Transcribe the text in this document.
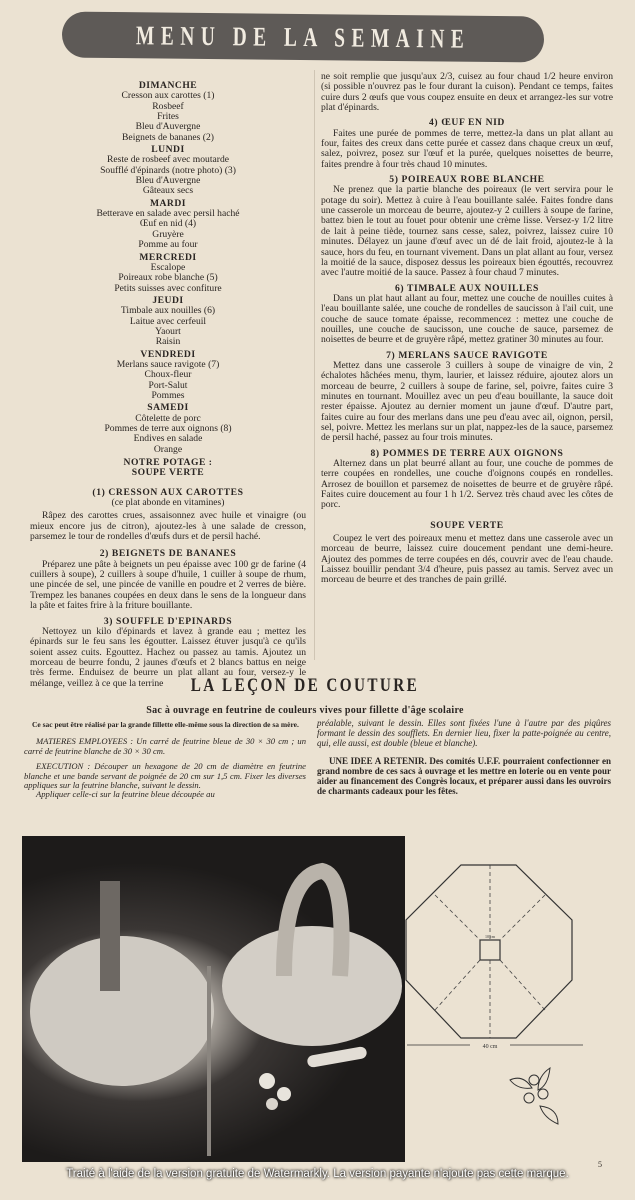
MENU DE LA SEMAINE
DIMANCHE
Cresson aux carottes (1)
Rosbeef
Frites
Bleu d'Auvergne
Beignets de bananes (2)
LUNDI
Reste de rosbeef avec moutarde
Soufflé d'épinards (notre photo) (3)
Bleu d'Auvergne
Gâteaux secs
MARDI
Betterave en salade avec persil haché
Œuf en nid (4)
Gruyère
Pomme au four
MERCREDI
Escalope
Poireaux robe blanche (5)
Petits suisses avec confiture
JEUDI
Timbale aux nouilles (6)
Laitue avec cerfeuil
Yaourt
Raisin
VENDREDI
Merlans sauce ravigote (7)
Choux-fleur
Port-Salut
Pommes
SAMEDI
Côtelette de porc
Pommes de terre aux oignons (8)
Endives en salade
Orange
NOTRE POTAGE :
SOUPE VERTE
(1) CRESSON AUX CAROTTES
(ce plat abonde en vitamines)
Râpez des carottes crues, assaisonnez avec huile et vinaigre (ou mieux encore jus de citron), ajoutez-les à une salade de cresson, parsemez le tour de rondelles d'œufs durs et de persil haché.
2) BEIGNETS DE BANANES
Préparez une pâte à beignets un peu épaisse avec 100 gr de farine (4 cuillers à soupe), 2 cuillers à soupe d'huile, 1 cuiller à soupe de rhum, une pincée de sel, une pincée de vanille en poudre et 2 verres de bière. Trempez les bananes coupées en deux dans le sens de la longueur dans la pâte et faites frire à la friture bouillante.
3) SOUFFLE D'EPINARDS
Nettoyez un kilo d'épinards et lavez à grande eau ; mettez les épinards sur le feu sans les égoutter. Laissez étuver jusqu'à ce qu'ils soient assez cuits. Egouttez. Hachez ou passez au tamis. Ajoutez un morceau de beurre fondu, 2 jaunes d'œufs et 2 blancs battus en neige très ferme. Enduisez de beurre un plat allant au four, versez-y le mélange, veillez à ce que la terrine
ne soit remplie que jusqu'aux 2/3, cuisez au four chaud 1/2 heure environ (si possible n'ouvrez pas le four durant la cuison). Pendant ce temps, faites cuire durs 2 œufs que vous coupez ensuite en deux et arrangez-les sur votre plat d'épinards.
4) ŒUF EN NID
Faites une purée de pommes de terre, mettez-la dans un plat allant au four, faites des creux dans cette purée et cassez dans chaque creux un œuf, salez, poivrez, posez sur l'œuf et la purée, quelques noisettes de beurre, faites prendre à four très chaud 10 minutes.
5) POIREAUX ROBE BLANCHE
Ne prenez que la partie blanche des poireaux (le vert servira pour le potage du soir). Mettez à cuire à l'eau bouillante salée. Faites fondre dans une casserole un morceau de beurre, ajoutez-y 2 cuillers à soupe de farine, battez bien le tout au fouet pour obtenir une crème lisse. Versez-y 1/2 litre de lait à peine tiède, tournez sans cesse, salez, poivrez, laissez cuire 10 minutes. Délayez un jaune d'œuf avec un dé de lait froid, ajoutez-le à la sauce, hors du feu, en tournant vivement. Dans un plat allant au four, versez la moitié de la sauce, disposez dessus les poireaux bien égouttés, recouvrez avec l'autre moitié de la sauce. Passez à four chaud 7 minutes.
6) TIMBALE AUX NOUILLES
Dans un plat haut allant au four, mettez une couche de nouilles cuites à l'eau bouillante salée, une couche de rondelles de saucisson à l'ail cuit, une couche de sauce tomate épaisse, recommencez : mettez une couche de nouilles, une couche de saucisson, une couche de sauce, parsemez de noisettes de beurre et de gruyère râpé, mettez gratiner 30 minutes au four.
7) MERLANS SAUCE RAVIGOTE
Mettez dans une casserole 3 cuillers à soupe de vinaigre de vin, 2 échalotes hâchées menu, thym, laurier, et laissez réduire, ajoutez alors un morceau de beurre, 2 cuillers à soupe de farine, sel, poivre, faites cuire 3 minutes en tournant. Mouillez avec un peu d'eau bouillante, la sauce doit rester épaisse. Ajoutez au dernier moment un jaune d'œuf. D'autre part, faites cuire au four des merlans dans une peu d'eau avec ail, oignon, persil, sel, poivre. Mettez les merlans sur un plat, nappez-les de la sauce, parsemez de persil haché, passez au four trois minutes.
8) POMMES DE TERRE AUX OIGNONS
Alternez dans un plat beurré allant au four, une couche de pommes de terre coupées en rondelles, une couche d'oignons coupés en rondelles. Arrosez de bouillon et parsemez de noisettes de beurre et de gruyère râpé. Faites cuire doucement au four 1 h 1/2. Servez très chaud avec les côtes de porc.
SOUPE VERTE
Coupez le vert des poireaux menu et mettez dans une casserole avec un morceau de beurre, laissez cuire doucement pendant une demi-heure. Ajoutez des pommes de terre coupées en dés, couvrir avec de l'eau chaude. Laissez bouillir pendant 3/4 d'heure, puis passez au tamis. Servez avec un morceau de beurre et des tranches de pain grillé.
LA LEÇON DE COUTURE
Sac à ouvrage en feutrine de couleurs vives pour fillette d'âge scolaire
Ce sac peut être réalisé par la grande fillette elle-même sous la direction de sa mère.
MATIERES EMPLOYEES : Un carré de feutrine bleue de 30 × 30 cm ; un carré de feutrine blanche de 30 × 30 cm.
EXECUTION : Découper un hexagone de 20 cm de diamètre en feutrine blanche et une bande servant de poignée de 20 cm sur 1,5 cm. Fixer les diverses appliques sur la feutrine blanche, suivant le dessin.
Appliquer celle-ci sur la feutrine bleue découpée au
préalable, suivant le dessin. Elles sont fixées l'une à l'autre par des piqûres formant le dessin des soufflets. En dernier lieu, fixer la patte-poignée au centre, qui, elle aussi, est double (bleue et blanche).
UNE IDEE A RETENIR. Des comités U.F.F. pourraient confectionner en grand nombre de ces sacs à ouvrage et les mettre en loterie ou en vente pour aider au financement des Congrès locaux, et préparer aussi dans les ouvroirs de charmants cadeaux pour les fêtes.
40 cm
10 cm
5
Traité à l'aide de la version gratuite de Watermarkly. La version payante n'ajoute pas cette marque.
